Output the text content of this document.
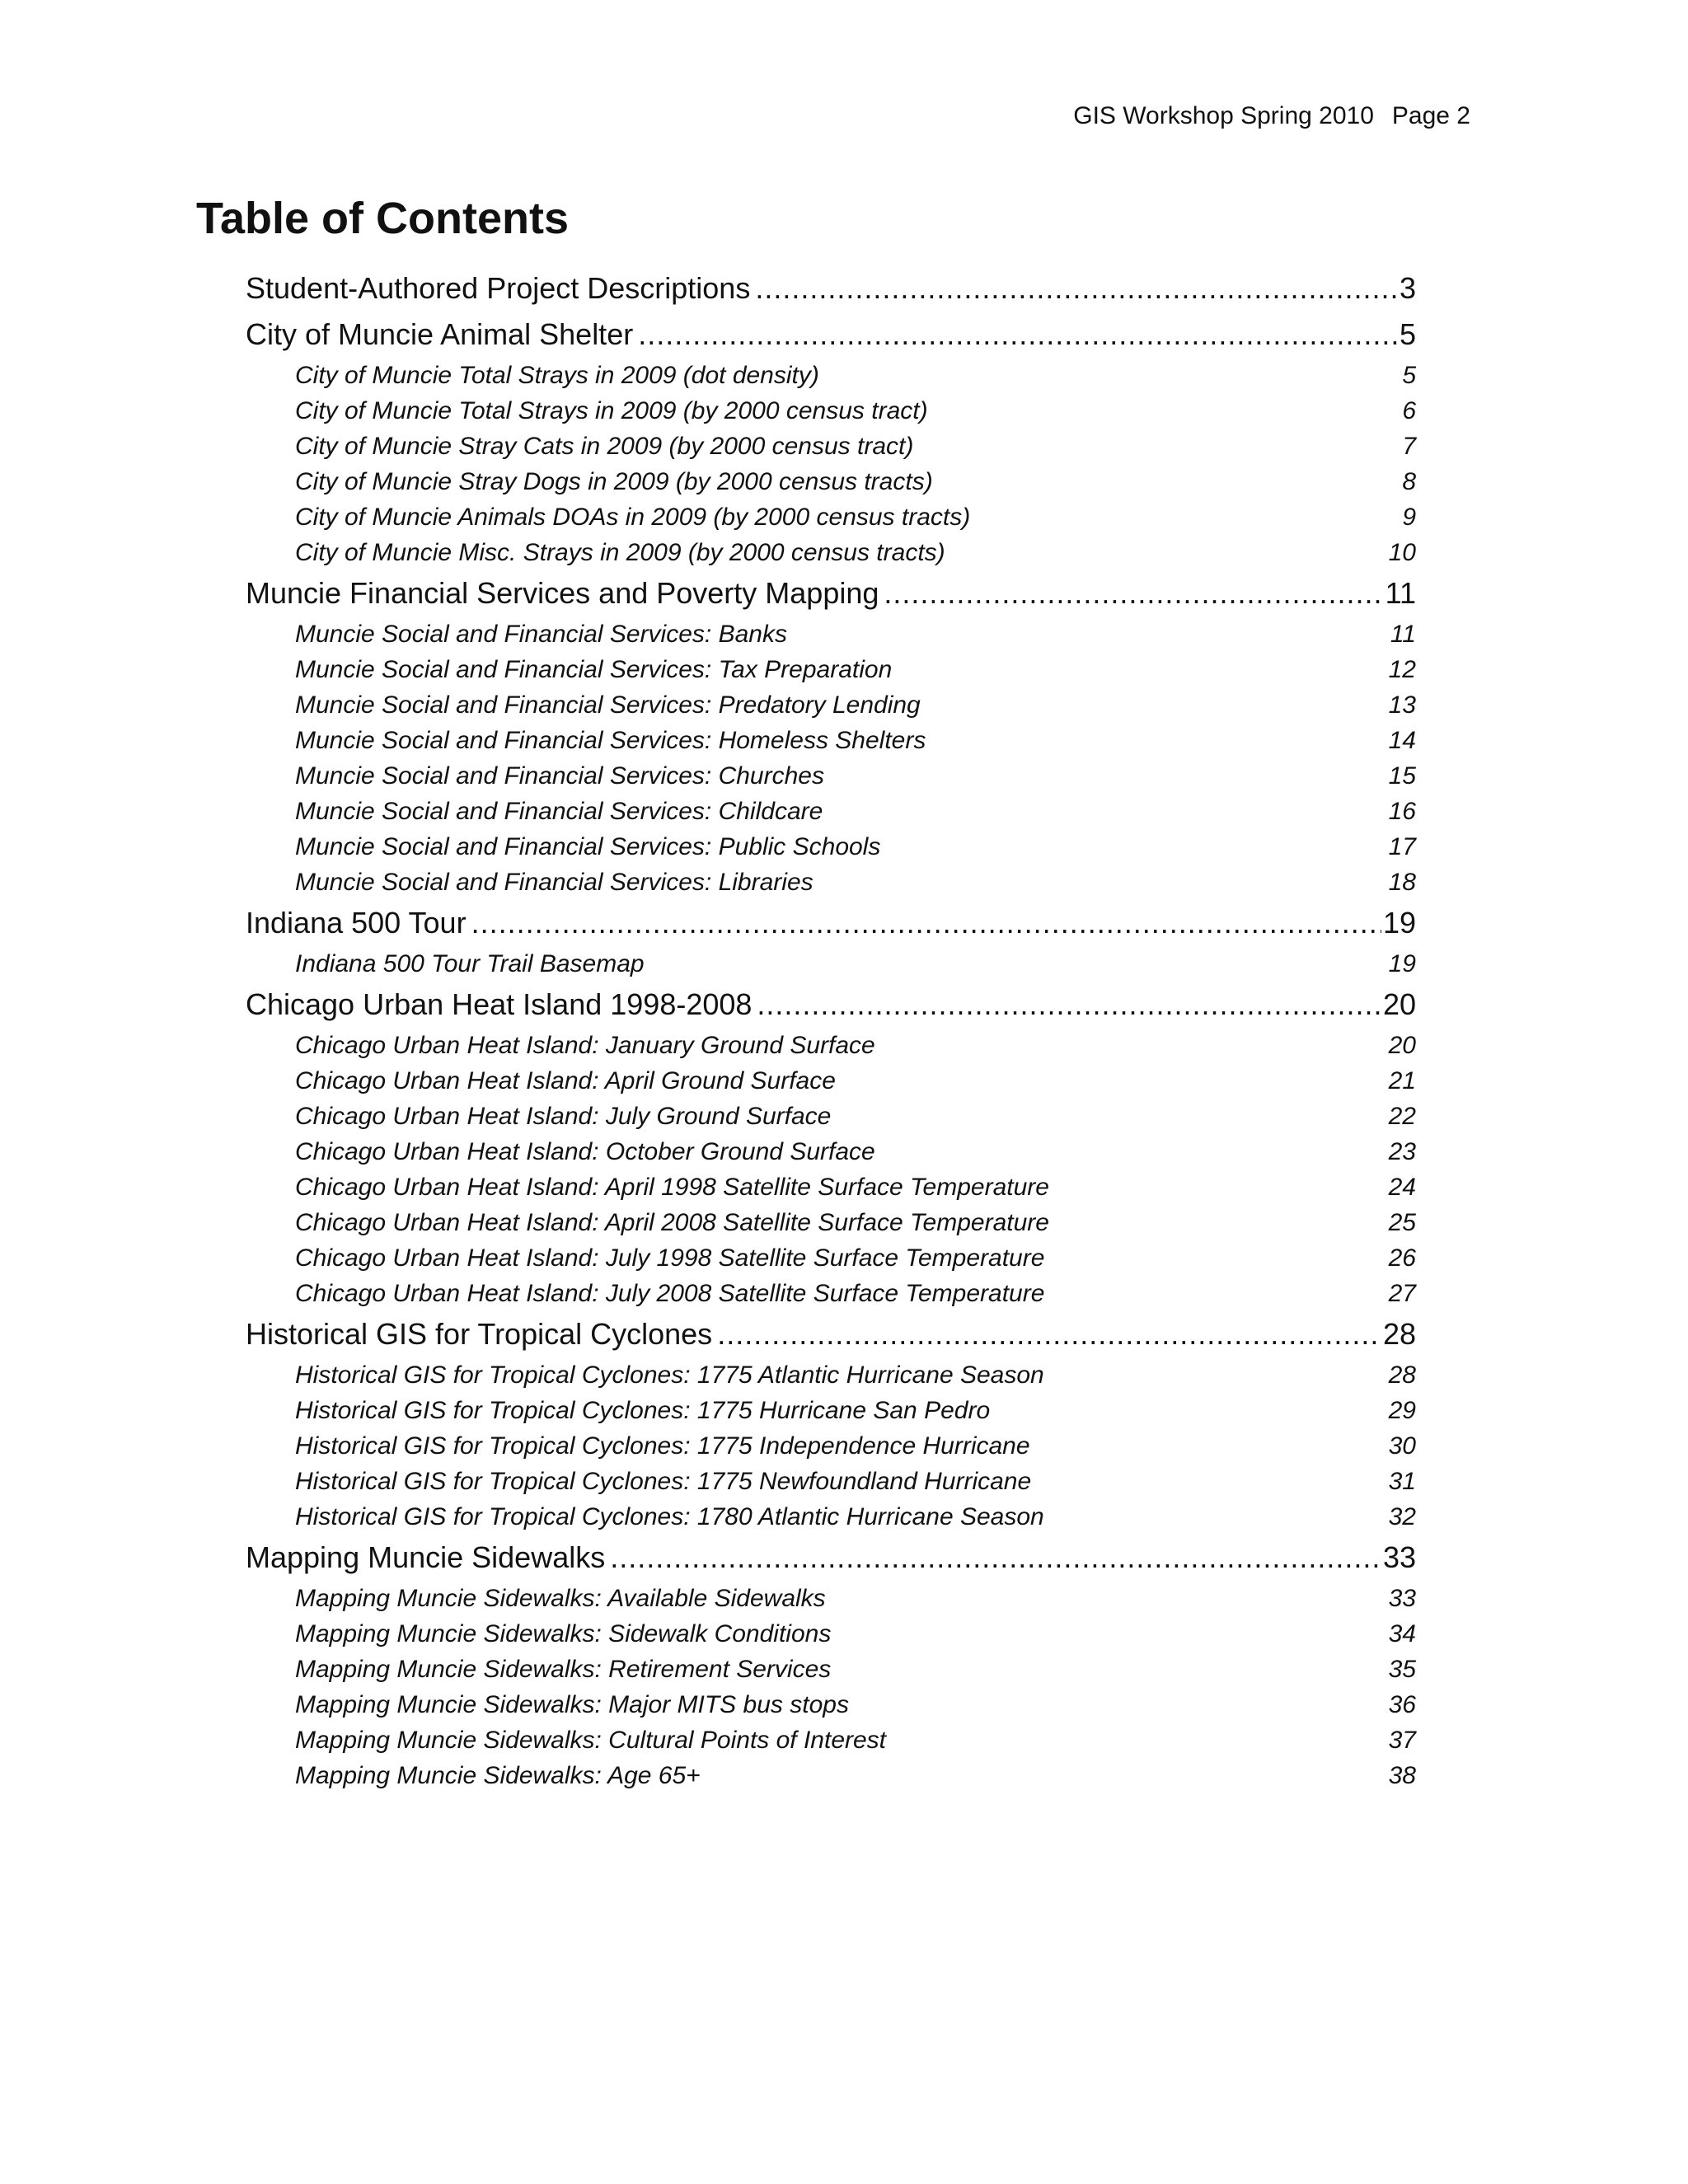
GIS Workshop Spring 2010 Page 2
Table of Contents
Student-Authored Project Descriptions .....	3
City of Muncie Animal Shelter .....	5
City of Muncie Total Strays in 2009 (dot density)	5
City of Muncie Total Strays in 2009 (by 2000 census tract)	6
City of Muncie Stray Cats in 2009 (by 2000 census tract)	7
City of Muncie Stray Dogs in 2009 (by 2000 census tracts)	8
City of Muncie Animals DOAs in 2009 (by 2000 census tracts)	9
City of Muncie Misc. Strays in 2009 (by 2000 census tracts)	10
Muncie Financial Services and Poverty Mapping .....	11
Muncie Social and Financial Services: Banks	11
Muncie Social and Financial Services: Tax Preparation	12
Muncie Social and Financial Services: Predatory Lending	13
Muncie Social and Financial Services: Homeless Shelters	14
Muncie Social and Financial Services: Churches	15
Muncie Social and Financial Services: Childcare	16
Muncie Social and Financial Services: Public Schools	17
Muncie Social and Financial Services: Libraries	18
Indiana 500 Tour .....	19
Indiana 500 Tour Trail Basemap	19
Chicago Urban Heat Island 1998-2008 .....	20
Chicago Urban Heat Island: January Ground Surface	20
Chicago Urban Heat Island: April Ground Surface	21
Chicago Urban Heat Island: July Ground Surface	22
Chicago Urban Heat Island: October Ground Surface	23
Chicago Urban Heat Island: April 1998 Satellite Surface Temperature	24
Chicago Urban Heat Island: April 2008 Satellite Surface Temperature	25
Chicago Urban Heat Island: July 1998 Satellite Surface Temperature	26
Chicago Urban Heat Island: July 2008 Satellite Surface Temperature	27
Historical GIS for Tropical Cyclones .....	28
Historical GIS for Tropical Cyclones: 1775 Atlantic Hurricane Season	28
Historical GIS for Tropical Cyclones: 1775 Hurricane San Pedro	29
Historical GIS for Tropical Cyclones: 1775 Independence Hurricane	30
Historical GIS for Tropical Cyclones: 1775 Newfoundland Hurricane	31
Historical GIS for Tropical Cyclones: 1780 Atlantic Hurricane Season	32
Mapping Muncie Sidewalks .....	33
Mapping Muncie Sidewalks: Available Sidewalks	33
Mapping Muncie Sidewalks: Sidewalk Conditions	34
Mapping Muncie Sidewalks: Retirement Services	35
Mapping Muncie Sidewalks: Major MITS bus stops	36
Mapping Muncie Sidewalks: Cultural Points of Interest	37
Mapping Muncie Sidewalks: Age 65+	38
